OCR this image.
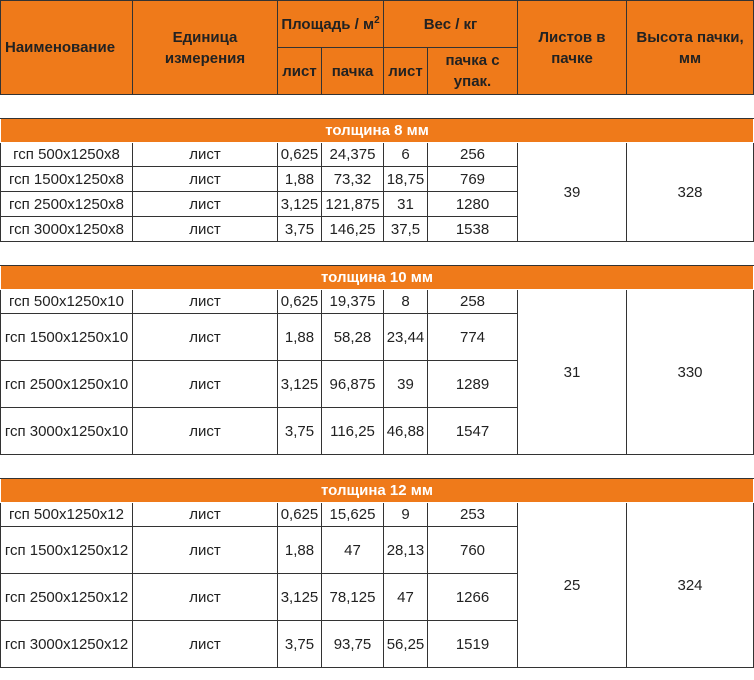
Наименование	Единица измерения	Площадь / $м^2$		Вес / кг		Листов в пачке	Высота пачки, мм
		лист	пачка	лист	пачка с упак.		

толщина 8 мм							
гсп 500x1250x8	лист	0,625	24,375	6	256	39	328
гсп 1500x1250x8	лист	1,88	73,32	18,75	769		
гсп 2500x1250x8	лист	3,125	121,875	31	1280		
гсп 3000x1250x8	лист	3,75	146,25	37,5	1538		

толщина 10 мм							
гсп 500x1250x10	лист	0,625	19,375	8	258	31	330
гсп 1500x1250x10	лист	1,88	58,28	23,44	774		
гсп 2500x1250x10	лист	3,125	96,875	39	1289		
гсп 3000x1250x10	лист	3,75	116,25	46,88	1547		

толщина 12 мм							
гсп 500x1250x12	лист	0,625	15,625	9	253	25	324
гсп 1500x1250x12	лист	1,88	47	28,13	760		
гсп 2500x1250x12	лист	3,125	78,125	47	1266		
гсп 3000x1250x12	лист	3,75	93,75	56,25	1519		
